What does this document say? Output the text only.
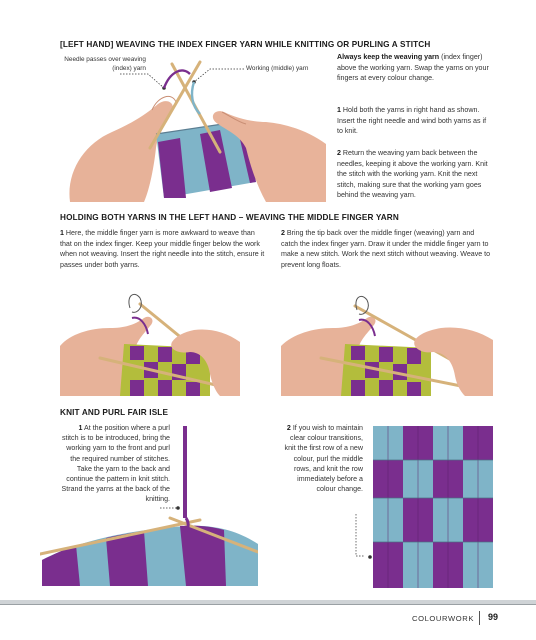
[LEFT HAND] WEAVING THE INDEX FINGER YARN WHILE KNITTING OR PURLING A STITCH
Needle passes over weaving (index) yarn	Working (middle) yarn
Always keep the weaving yarn (index finger) above the working yarn. Swap the yarns on your fingers at every colour change.
1 Hold both the yarns in right hand as shown. Insert the right needle and wind both yarns as if to knit.
2 Return the weaving yarn back between the needles, keeping it above the working yarn. Knit the stitch with the working yarn. Knit the next stitch, making sure that the working yarn goes behind the weaving yarn.
HOLDING BOTH YARNS IN THE LEFT HAND – WEAVING THE MIDDLE FINGER YARN
1 Here, the middle finger yarn is more awkward to weave than that on the index finger. Keep your middle finger below the work when not weaving. Insert the right needle into the stitch, ensure it passes under both yarns.
2 Bring the tip back over the middle finger (weaving) yarn and catch the index finger yarn. Draw it under the middle finger yarn to make a new stitch. Work the next stitch without weaving. Weave to prevent long floats.
KNIT AND PURL FAIR ISLE
1 At the position where a purl stitch is to be introduced, bring the working yarn to the front and purl the required number of stitches. Take the yarn to the back and continue the pattern in knit stitch. Strand the yarns at the back of the knitting.
2 If you wish to maintain clear colour transitions, knit the first row of a new colour, purl the middle rows, and knit the row immediately before a colour change.
COLOURWORK 99
